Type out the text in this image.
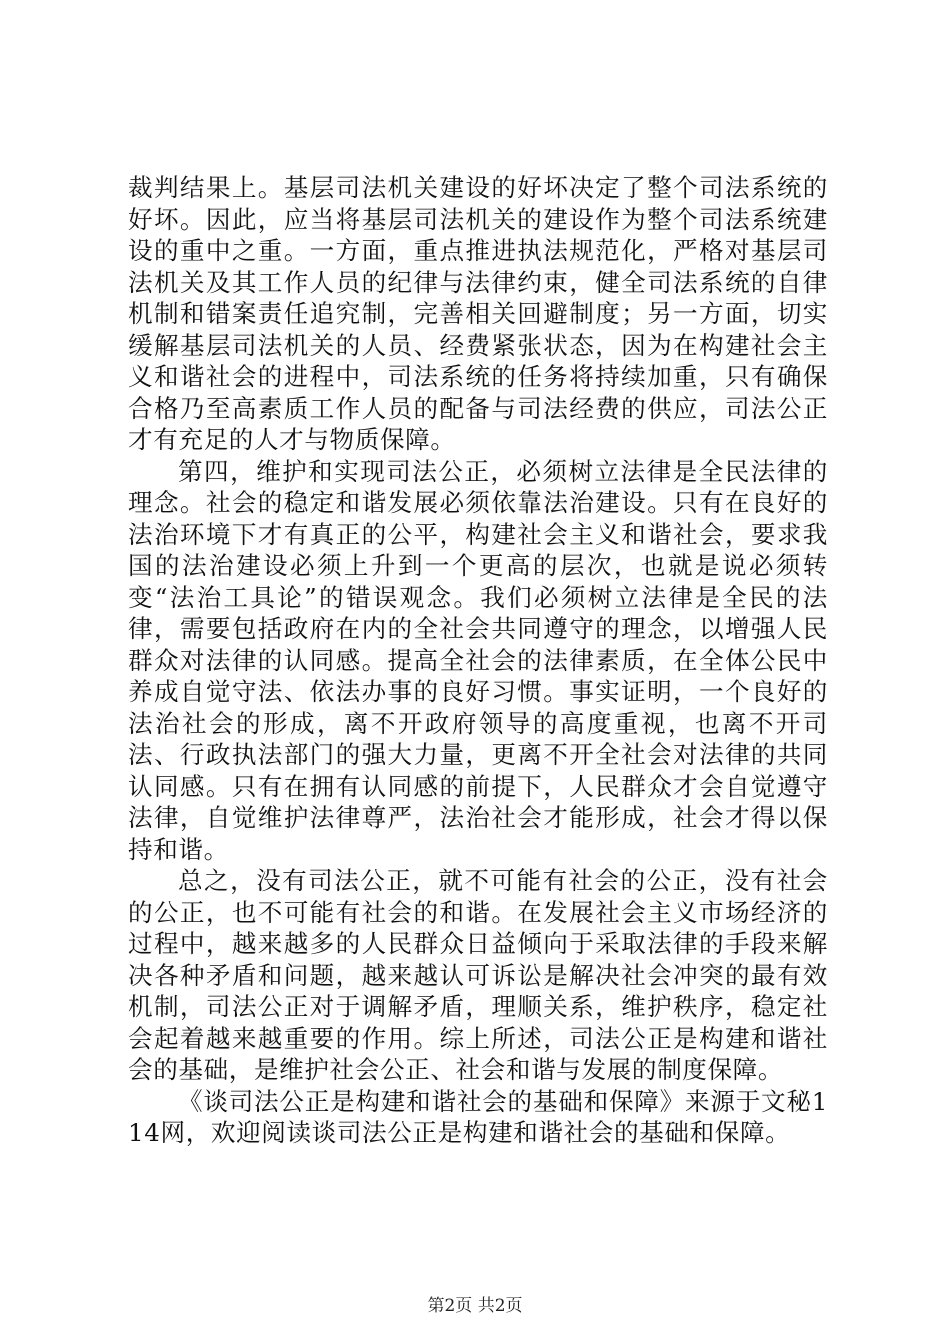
裁判结果上。基层司法机关建设的好坏决定了整个司法系统的好坏。因此，应当将基层司法机关的建设作为整个司法系统建设的重中之重。一方面，重点推进执法规范化，严格对基层司法机关及其工作人员的纪律与法律约束，健全司法系统的自律机制和错案责任追究制，完善相关回避制度；另一方面，切实缓解基层司法机关的人员、经费紧张状态，因为在构建社会主义和谐社会的进程中，司法系统的任务将持续加重，只有确保合格乃至高素质工作人员的配备与司法经费的供应，司法公正才有充足的人才与物质保障。

第四，维护和实现司法公正，必须树立法律是全民法律的理念。社会的稳定和谐发展必须依靠法治建设。只有在良好的法治环境下才有真正的公平，构建社会主义和谐社会，要求我国的法治建设必须上升到一个更高的层次，也就是说必须转变“法治工具论”的错误观念。我们必须树立法律是全民的法律，需要包括政府在内的全社会共同遵守的理念，以增强人民群众对法律的认同感。提高全社会的法律素质，在全体公民中养成自觉守法、依法办事的良好习惯。事实证明，一个良好的法治社会的形成，离不开政府领导的高度重视，也离不开司法、行政执法部门的强大力量，更离不开全社会对法律的共同认同感。只有在拥有认同感的前提下，人民群众才会自觉遵守法律，自觉维护法律尊严，法治社会才能形成，社会才得以保持和谐。

总之，没有司法公正，就不可能有社会的公正，没有社会的公正，也不可能有社会的和谐。在发展社会主义市场经济的过程中，越来越多的人民群众日益倾向于采取法律的手段来解决各种矛盾和问题，越来越认可诉讼是解决社会冲突的最有效机制，司法公正对于调解矛盾，理顺关系，维护秩序，稳定社会起着越来越重要的作用。综上所述，司法公正是构建和谐社会的基础，是维护社会公正、社会和谐与发展的制度保障。

《谈司法公正是构建和谐社会的基础和保障》来源于文秘114网，欢迎阅读谈司法公正是构建和谐社会的基础和保障。

第2页 共2页
